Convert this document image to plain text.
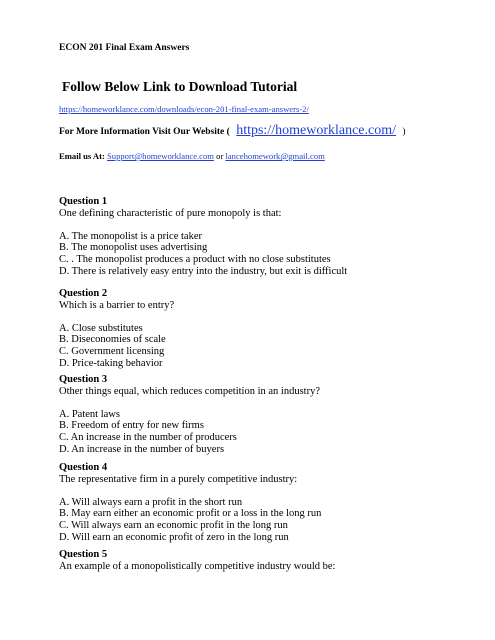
ECON 201 Final Exam Answers
Follow Below Link to Download Tutorial
https://homeworklance.com/downloads/econ-201-final-exam-answers-2/
For More Information Visit Our Website ( https://homeworklance.com/ )
Email us At: Support@homeworklance.com or lancehomework@gmail.com
Question 1
One defining characteristic of pure monopoly is that:
A. The monopolist is a price taker
B. The monopolist uses advertising
C. . The monopolist produces a product with no close substitutes
D. There is relatively easy entry into the industry, but exit is difficult
Question 2
Which is a barrier to entry?
A. Close substitutes
B. Diseconomies of scale
C. Government licensing
D. Price-taking behavior
Question 3
Other things equal, which reduces competition in an industry?
A. Patent laws
B. Freedom of entry for new firms
C. An increase in the number of producers
D. An increase in the number of buyers
Question 4
The representative firm in a purely competitive industry:
A. Will always earn a profit in the short run
B. May earn either an economic profit or a loss in the long run
C. Will always earn an economic profit in the long run
D. Will earn an economic profit of zero in the long run
Question 5
An example of a monopolistically competitive industry would be:
